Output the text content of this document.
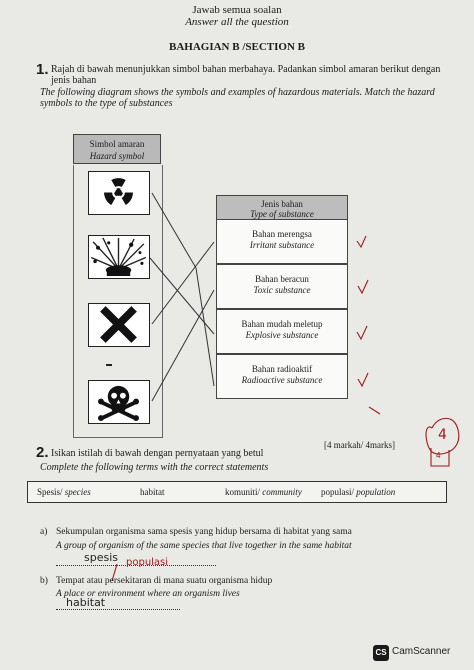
Jawab semua soalan
Answer all the question
BAHAGIAN B /SECTION B
1. Rajah di bawah menunjukkan simbol bahan merbahaya. Padankan simbol amaran berikut dengan jenis bahan
The following diagram shows the symbols and examples of hazardous materials. Match the hazard symbols to the type of substances
Simbol amaran
Hazard symbol
Jenis bahan
Type of substance
Bahan merengsa
Irritant substance
Bahan beracun
Toxic substance
Bahan mudah meletup
Explosive substance
Bahan radioaktif
Radioactive substance
4
4
[4 markah/ 4marks]
2. Isikan istilah di bawah dengan pernyataan yang betul
Complete the following terms with the correct statements
Spesis/ species	habitat	komuniti/ community populasi/ population
a) Sekumpulan organisma sama spesis yang hidup bersama di habitat yang sama
A group of organism of the same species that live together in the same habitat
spesis populasi
b) Tempat atau persekitaran di mana suatu organisma hidup
A place or environment where an organism lives
habitat
CS CamScanner
